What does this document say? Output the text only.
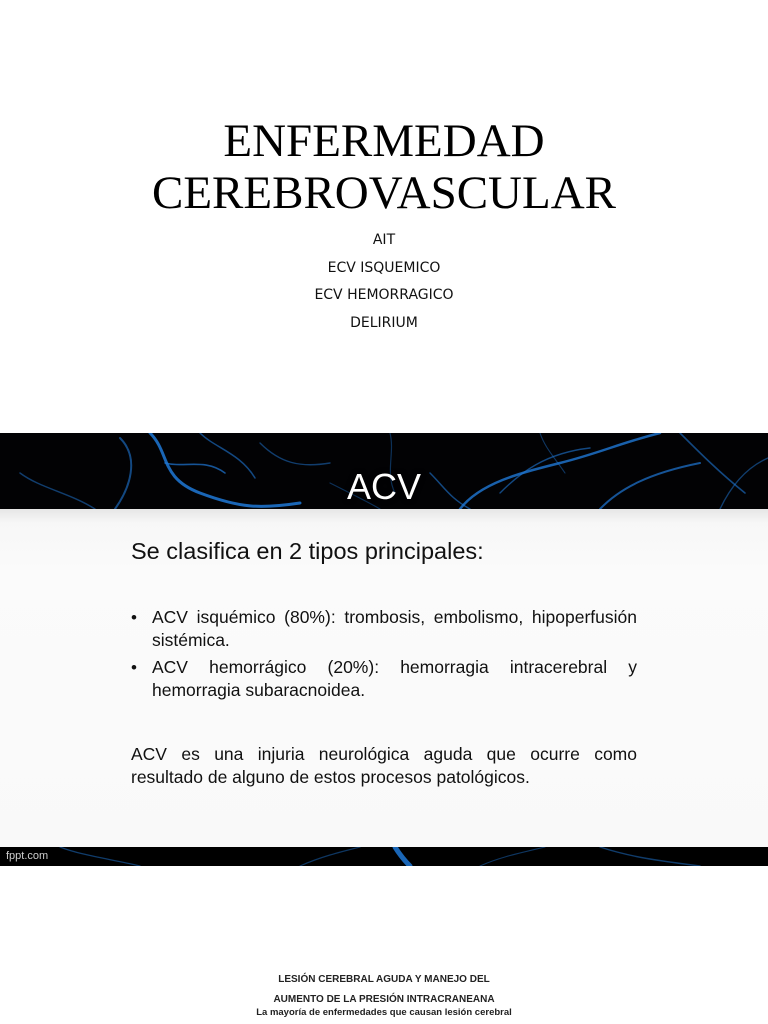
ENFERMEDAD
CEREBROVASCULAR
AIT
ECV ISQUEMICO
ECV HEMORRAGICO
DELIRIUM
ACV

Se clasifica en 2 tipos principales:

• ACV isquémico (80%): trombosis, embolismo, hipoperfusión sistémica.
• ACV hemorrágico (20%): hemorragia intracerebral y hemorragia subaracnoidea.

ACV es una injuria neurológica aguda que ocurre como resultado de alguno de estos procesos patológicos.

fppt.com

LESIÓN CEREBRAL AGUDA Y MANEJO DEL
AUMENTO DE LA PRESIÓN INTRACRANEANA

La mayoría de enfermedades que causan lesión cerebral
